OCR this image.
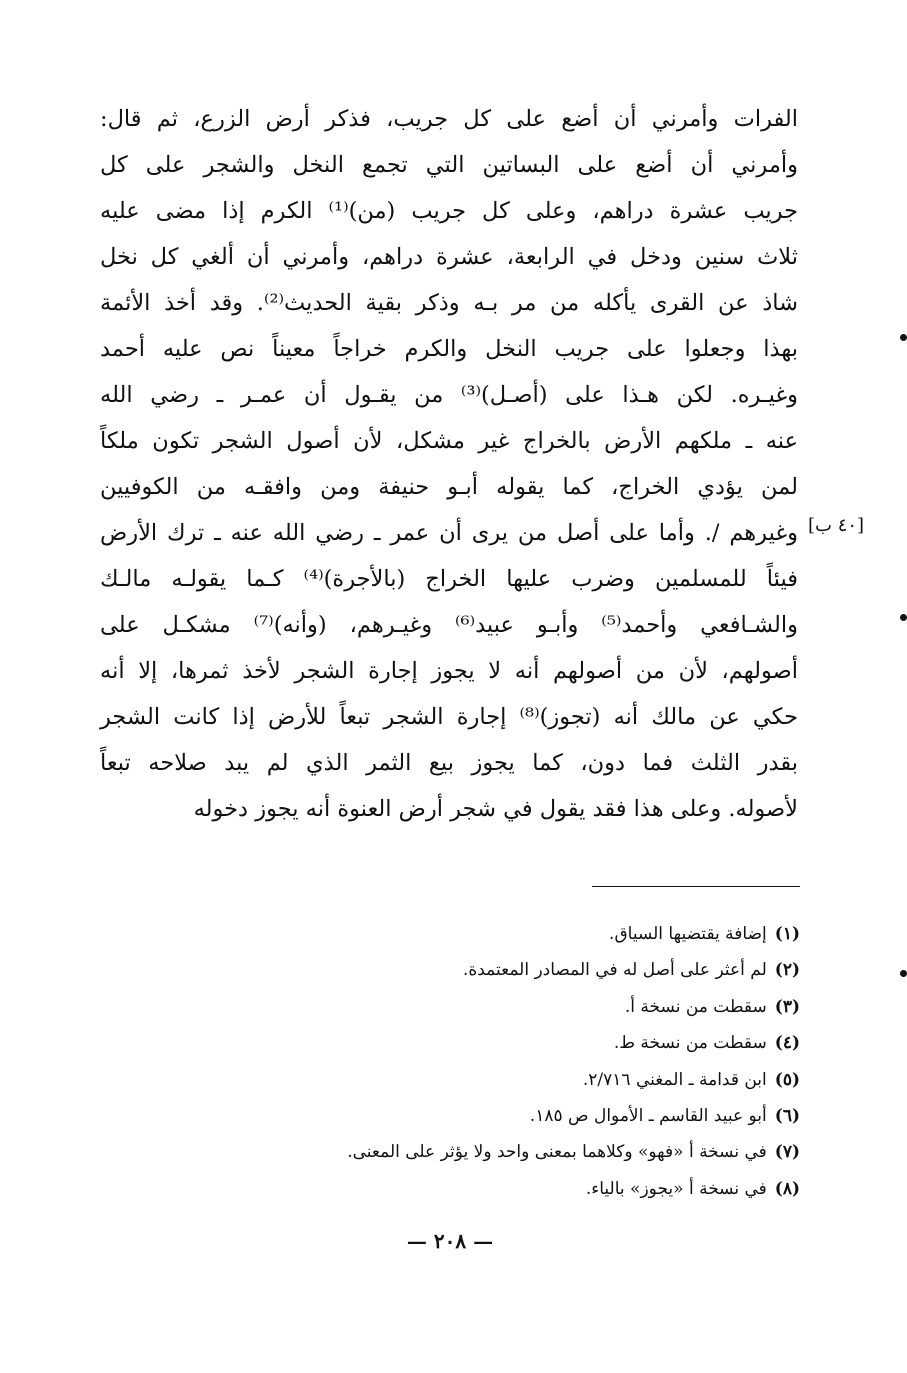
الفرات وأمرني أن أضع على كل جريب، فذكر أرض الزرع، ثم قال:
وأمرني أن أضع على البساتين التي تجمع النخل والشجر على كل
جريب عشرة دراهم، وعلى كل جريب (من)⁽¹⁾ الكرم إذا مضى عليه
ثلاث سنين ودخل في الرابعة، عشرة دراهم، وأمرني أن ألغي كل نخل
شاذ عن القرى يأكله من مر بـه وذكر بقية الحديث⁽²⁾. وقد أخذ الأئمة
بهذا وجعلوا على جريب النخل والكرم خراجاً معيناً نص عليه أحمد
وغيـره. لكن هـذا على (أصـل)⁽³⁾ من يقـول أن عمـر ـ رضي الله
عنه ـ ملكهم الأرض بالخراج غير مشكل، لأن أصول الشجر تكون ملكاً
لمن يؤدي الخراج، كما يقوله أبـو حنيفة ومن وافقـه من الكوفيين
وغيرهم /. وأما على أصل من يرى أن عمر ـ رضي الله عنه ـ ترك الأرض
فيئاً للمسلمين وضرب عليها الخراج (بالأجرة)⁽⁴⁾ كـما يقولـه مالـك
والشـافعي وأحمد⁽⁵⁾ وأبـو عبيد⁽⁶⁾ وغيـرهم، (وأنه)⁽⁷⁾ مشكـل على
أصولهم، لأن من أصولهم أنه لا يجوز إجارة الشجر لأخذ ثمرها، إلا أنه
حكي عن مالك أنه (تجوز)⁽⁸⁾ إجارة الشجر تبعاً للأرض إذا كانت الشجر
بقدر الثلث فما دون، كما يجوز بيع الثمر الذي لم يبد صلاحه تبعاً
لأصوله. وعلى هذا فقد يقول في شجر أرض العنوة أنه يجوز دخوله
[٤٠ ب]
(١)إضافة يقتضيها السياق.
(٢)لم أعثر على أصل له في المصادر المعتمدة.
(٣)سقطت من نسخة أ.
(٤)سقطت من نسخة ط.
(٥)ابن قدامة ـ المغني ٢/٧١٦.
(٦)أبو عبيد القاسم ـ الأموال ص ١٨٥.
(٧)في نسخة أ «فهو» وكلاهما بمعنى واحد ولا يؤثر على المعنى.
(٨)في نسخة أ «يجوز» بالياء.
— ٢٠٨ —
